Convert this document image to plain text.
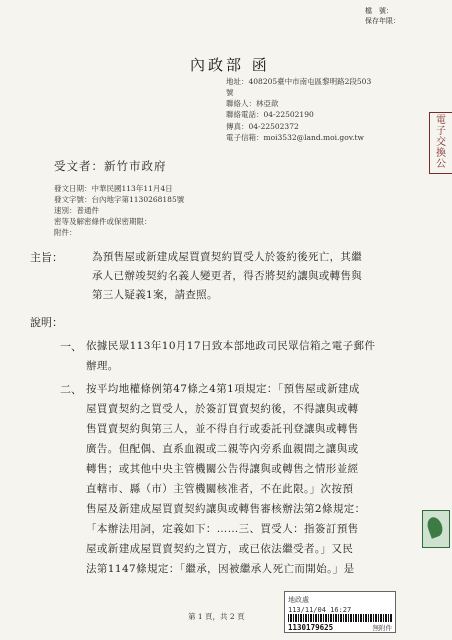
檔　號：
保存年限：
內政部 函
地址：408205臺中市南屯區黎明路2段503
號
聯絡人：林亞歆
聯絡電話：04-22502190
傳真：04-22502372
電子信箱：moi3532@land.moi.gov.tw
電
子
交
換
公
受文者：新竹市政府
發文日期：中華民國113年11月4日
發文字號：台內地字第1130268185號
速別：普通件
密等及解密條件或保密期限：
附件：
主旨：	為預售屋或新建成屋買賣契約買受人於簽約後死亡，其繼
承人已辦竣契約名義人變更者，得否將契約讓與或轉售與
第三人疑義1案，請查照。
說明：
一、 依據民眾113年10月17日致本部地政司民眾信箱之電子郵件
辦理。
二、 按平均地權條例第47條之4第1項規定：「預售屋或新建成
屋買賣契約之買受人，於簽訂買賣契約後，不得讓與或轉
售買賣契約與第三人，並不得自行或委託刊登讓與或轉售
廣告。但配偶、直系血親或二親等內旁系血親間之讓與或
轉售；或其他中央主管機關公告得讓與或轉售之情形並經
直轄市、縣（市）主管機關核准者，不在此限。」次按預
售屋及新建成屋買賣契約讓與或轉售審核辦法第2條規定：
「本辦法用詞，定義如下：……三、買受人：指簽訂預售
屋或新建成屋買賣契約之買方，或已依法繼受者。」又民
法第1147條規定：「繼承，因被繼承人死亡而開始。」是
第 1 頁，共 2 頁
地政處
113/11/04 16:27
1130179625	無附件
